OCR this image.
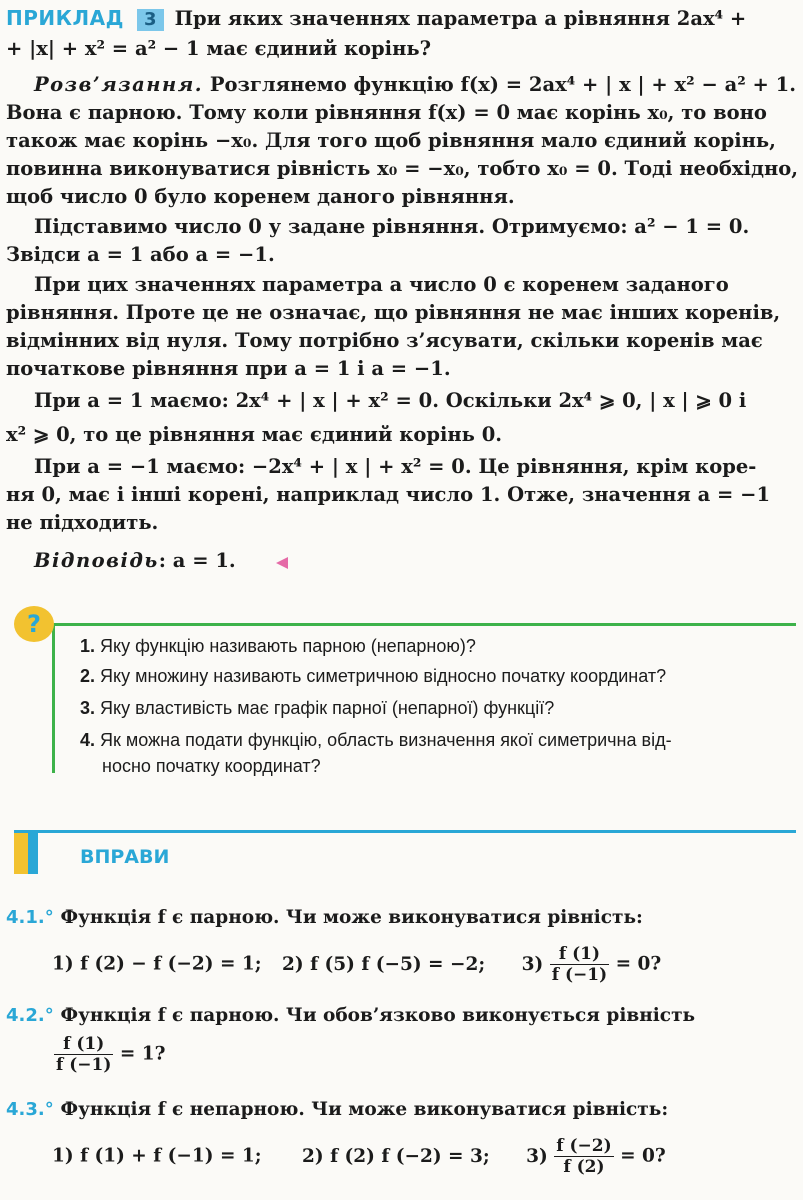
ПРИКЛАД 3 При яких значеннях параметра a рівняння 2ax⁴ +
+ |x| + x² = a² − 1 має єдиний корінь?
Розв’язання. Розглянемо функцію f(x) = 2ax⁴ + | x | + x² − a² + 1.
Вона є парною. Тому коли рівняння f(x) = 0 має корінь x₀, то воно
також має корінь −x₀. Для того щоб рівняння мало єдиний корінь,
повинна виконуватися рівність x₀ = −x₀, тобто x₀ = 0. Тоді необхідно,
щоб число 0 було коренем даного рівняння.
Підставимо число 0 у задане рівняння. Отримуємо: a² − 1 = 0.
Звідси a = 1 або a = −1.
При цих значеннях параметра a число 0 є коренем заданого
рівняння. Проте це не означає, що рівняння не має інших коренів,
відмінних від нуля. Тому потрібно з’ясувати, скільки коренів має
початкове рівняння при a = 1 і a = −1.
При a = 1 маємо: 2x⁴ + | x | + x² = 0. Оскільки 2x⁴ ⩾ 0, | x | ⩾ 0 і
x² ⩾ 0, то це рівняння має єдиний корінь 0.
При a = −1 маємо: −2x⁴ + | x | + x² = 0. Це рівняння, крім коре-
ня 0, має і інші корені, наприклад число 1. Отже, значення a = −1
не підходить.
Відповідь: a = 1.
?
1. Яку функцію називають парною (непарною)?
2. Яку множину називають симетричною відносно початку координат?
3. Яку властивість має графік парної (непарної) функції?
4. Як можна подати функцію, область визначення якої симетрична від-
носно початку координат?
ВПРАВИ
4.1.° Функція f є парною. Чи може виконуватися рівність:
1) f (2) − f (−2) = 1; 2) f (5) f (−5) = −2; $3) \frac{f (1)}{f (-1)} = 0$?
4.2.° Функція f є парною. Чи обов’язково виконується рівність
$\frac{f (1)}{f (-1)} = 1$?
4.3.° Функція f є непарною. Чи може виконуватися рівність:
1) f (1) + f (−1) = 1; 2) f (2) f (−2) = 3; $3) \frac{f (-2)}{f (2)} = 0$?
